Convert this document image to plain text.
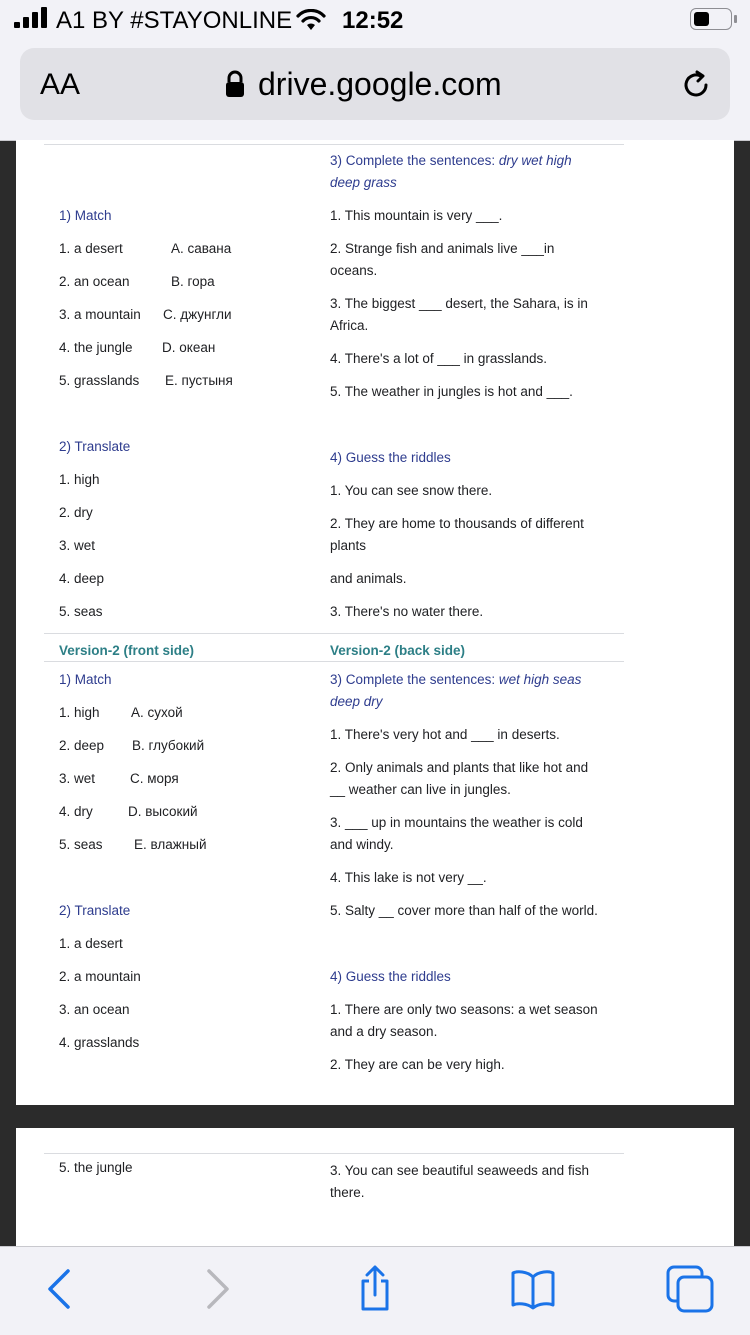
A1 BY #STAYONLINE 12:52
AA	drive.google.com
3) Complete the sentences: dry wet high
deep grass
1. This mountain is very ___.
2. Strange fish and animals live ___in
oceans.
3. The biggest ___ desert, the Sahara, is in
Africa.
4. There's a lot of ___ in grasslands.
5. The weather in jungles is hot and ___.
1) Match
1. a desert	A. савана
2. an ocean	B. гора
3. a mountain C. джунгли
4. the jungle D. океан
5. grasslands E. пустыня
2) Translate
1. high
2. dry
3. wet
4. deep
5. seas
4) Guess the riddles
1. You can see snow there.
2. They are home to thousands of different
plants
and animals.
3. There's no water there.
Version-2 (front side)	Version-2 (back side)
1) Match
1. high A. сухой
2. deep B. глубокий
3. wet	C. моря
4. dry	D. высокий
5. seas E. влажный
3) Complete the sentences: wet high seas
deep dry
1. There's very hot and ___ in deserts.
2. Only animals and plants that like hot and
__ weather can live in jungles.
3. ___ up in mountains the weather is cold
and windy.
4. This lake is not very __.
5. Salty __ cover more than half of the world.
2) Translate
1. a desert
2. a mountain
3. an ocean
4. grasslands
4) Guess the riddles
1. There are only two seasons: a wet season
and a dry season.
2. They are can be very high.
5. the jungle	3. You can see beautiful seaweeds and fish
there.
